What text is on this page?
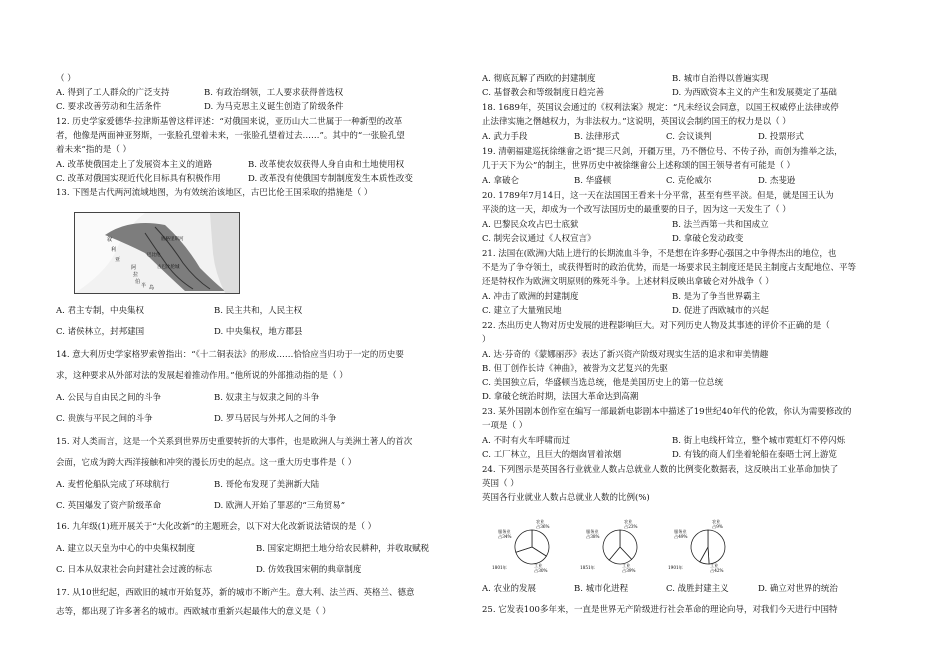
（ ）
A. 得到了工人群众的广泛支持	B. 有政治纲领，工人要求获得普选权
C. 要求改善劳动和生活条件	D. 为马克思主义诞生创造了阶级条件
12. 历史学家爱德华·拉津斯基曾这样评述：“对俄国来说，亚历山大二世属于一种新型的改革
者，他像是两面神亚努斯，一张脸孔望着未来，一张脸孔望着过去……”。其中的“一张脸孔望
着未来”指的是（ ）
A. 改革使俄国走上了发展资本主义的道路	B. 改革使农奴获得人身自由和土地使用权
C. 改革对俄国实现近代化目标具有积极作用	D. 改革没有使俄国专制制度发生本质性改变
13. 下图是古代两河流域地图，为有效统治该地区，古巴比伦王国采取的措施是（ ）
叙
利
亚
巴比伦
古巴比伦城
底格里斯河
阿
拉
伯
半 岛
A. 君主专制，中央集权	B. 民主共和，人民主权
C. 诸侯林立，封邦建国	D. 中央集权，地方郡县
14. 意大利历史学家格罗索曾指出：“《十二铜表法》的形成……恰恰应当归功于一定的历史要
求，这种要求从外部对法的发展起着推动作用。”他所说的外部推动指的是（ ）
A. 公民与自由民之间的斗争	B. 奴隶主与奴隶之间的斗争
C. 贵族与平民之间的斗争	D. 罗马居民与外邦人之间的斗争
15. 对人类而言，这是一个关系到世界历史重要转折的大事件，也是欧洲人与美洲土著人的首次
会面，它成为跨大西洋接触和冲突的漫长历史的起点。这一重大历史事件是（ ）
A. 麦哲伦船队完成了环球航行	B. 哥伦布发现了美洲新大陆
C. 英国爆发了资产阶级革命	D. 欧洲人开始了罪恶的“三角贸易”
16. 九年级(1)班开展关于“大化改新”的主题班会，以下对大化改新说法错误的是（ ）
A. 建立以天皇为中心的中央集权制度	B. 国家定期把土地分给农民耕种，并收取赋税
C. 日本从奴隶社会向封建社会过渡的标志	D. 仿效我国宋朝的典章制度
17. 从10世纪起，西欧旧的城市开始复苏，新的城市不断产生。意大利、法兰西、英格兰、德意
志等，都出现了许多著名的城市。西欧城市重新兴起最伟大的意义是（ ）
A. 彻底瓦解了西欧的封建制度	B. 城市自治得以普遍实现
C. 基督教会和等级制度日趋完善	D. 为西欧资本主义的产生和发展奠定了基础
18. 1689年，英国议会通过的《权利法案》规定：“凡未经议会同意，以国王权威停止法律或停
止法律实施之僭越权力，为非法权力。”这说明，英国议会制约国王的权力是以（ ）
A. 武力手段	B. 法律形式	C. 会议谈判	D. 投票形式
19. 清朝福建巡抚徐继畲之语“提三尺剑，开疆万里，乃不僭位号、不传子孙，而创为推举之法，
几于天下为公”的制主，世界历史中被徐继畲公上述称颂的国王领导者有可能是（ ）
A. 拿破仑	B. 华盛顿	C. 克伦威尔	D. 杰斐逊
20. 1789年7月14日，这一天在法国国王看来十分平常，甚至有些平淡。但是，就是国王认为
平淡的这一天，却成为一个改写法国历史的最重要的日子，因为这一天发生了（ ）
A. 巴黎民众攻占巴士底狱	B. 法兰西第一共和国成立
C. 制宪会议通过《人权宣言》	D. 拿破仑发动政变
21. 法国在(欧洲)大陆上进行的长期流血斗争，不是想在许多野心强国之中争得杰出的地位，也
不是为了争夺领土，或获得暂时的政治优势，而是一场要求民主制度还是民主制度占支配地位、平等
还是特权作为欧洲文明原则的殊死斗争。上述材料反映出拿破仑对外战争（ ）
A. 冲击了欧洲的封建制度	B. 是为了争当世界霸主
C. 建立了大量殖民地	D. 促进了西欧城市的兴起
22. 杰出历史人物对历史发展的进程影响巨大。对下列历史人物及其事迹的评价不正确的是（
）
A. 达·芬奇的《蒙娜丽莎》表达了新兴资产阶级对现实生活的追求和审美情趣
B. 但丁创作长诗《神曲》，被誉为文艺复兴的先驱
C. 美国独立后，华盛顿当选总统，他是美国历史上的第一位总统
D. 拿破仑统治时期，法国大革命达到高潮
23. 某外国剧本创作室在编写一部最新电影剧本中描述了19世纪40年代的伦敦，你认为需要修改的
一项是（ ）
A. 不时有火车呼啸而过	B. 街上电线杆耸立，整个城市霓虹灯不停闪烁
C. 工厂林立，且巨大的烟囱冒着浓烟	D. 有钱的商人们坐着轮船在泰晤士河上游览
24. 下列图示是英国各行业就业人数占总就业人数的比例变化数据表，这反映出工业革命加快了
英国（ ）
英国各行业就业人数占总就业人数的比例(%)
服务业
占34%
农业
占36%
工业
占30%
1801年
服务业
占38%
农业
占23%
工业
占39%
1851年
服务业
占49%
农业
占9%
工业
占42%
1901年
A. 农业的发展	B. 城市化进程	C. 战胜封建主义	D. 确立对世界的统治
25. 它发表100多年来，一直是世界无产阶级进行社会革命的理论向导，对我们今天进行中国特
